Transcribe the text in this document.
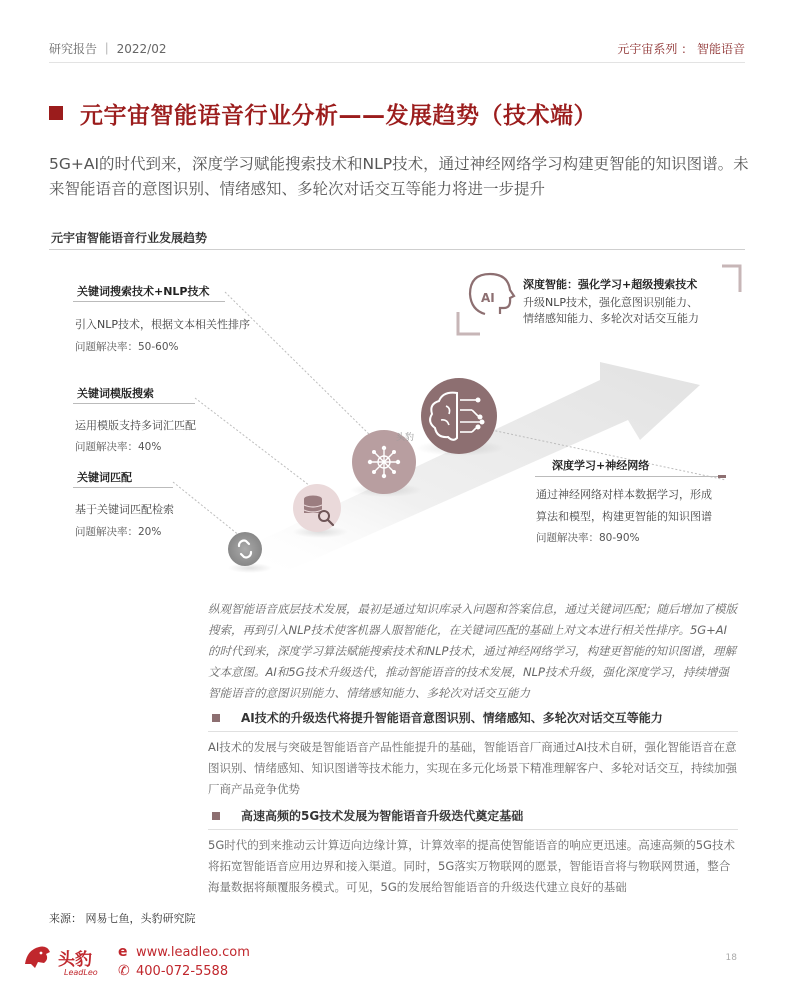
研究报告 ｜ 2022/02	元宇宙系列 ： 智能语音
元宇宙智能语音行业分析——发展趋势（技术端）
5G+AI的时代到来，深度学习赋能搜索技术和NLP技术，通过神经网络学习构建更智能的知识图谱。未来智能语音的意图识别、情绪感知、多轮次对话交互等能力将进一步提升
元宇宙智能语音行业发展趋势
AI
头豹
关键词搜索技术+NLP技术
引入NLP技术，根据文本相关性排序
问题解决率：50-60%
关键词模版搜索
运用模版支持多词汇匹配
问题解决率：40%
关键词匹配
基于关键词匹配检索
问题解决率：20%
深度学习+神经网络
通过神经网络对样本数据学习，形成
算法和模型，构建更智能的知识图谱
问题解决率：80-90%
深度智能：强化学习+超级搜索技术
升级NLP技术，强化意图识别能力、
情绪感知能力、多轮次对话交互能力
纵观智能语音底层技术发展，最初是通过知识库录入问题和答案信息，通过关键词匹配；随后增加了模版搜索，再到引入NLP技术使客机器人服智能化，在关键词匹配的基础上对文本进行相关性排序。5G+AI的时代到来，深度学习算法赋能搜索技术和NLP技术，通过神经网络学习，构建更智能的知识图谱，理解文本意图。AI和5G技术升级迭代，推动智能语音的技术发展，NLP技术升级，强化深度学习，持续增强智能语音的意图识别能力、情绪感知能力、多轮次对话交互能力
AI技术的升级迭代将提升智能语音意图识别、情绪感知、多轮次对话交互等能力
AI技术的发展与突破是智能语音产品性能提升的基础，智能语音厂商通过AI技术自研，强化智能语音在意图识别、情绪感知、知识图谱等技术能力，实现在多元化场景下精准理解客户、多轮对话交互，持续加强厂商产品竞争优势
高速高频的5G技术发展为智能语音升级迭代奠定基础
5G时代的到来推动云计算迈向边缘计算，计算效率的提高使智能语音的响应更迅速。高速高频的5G技术将拓宽智能语音应用边界和接入渠道。同时，5G落实万物联网的愿景，智能语音将与物联网贯通，整合海量数据将颠覆服务模式。可见，5G的发展给智能语音的升级迭代建立良好的基础
来源： 网易七鱼，头豹研究院
头豹
LeadLeo
e www.leadleo.com
✆ 400-072-5588
18
